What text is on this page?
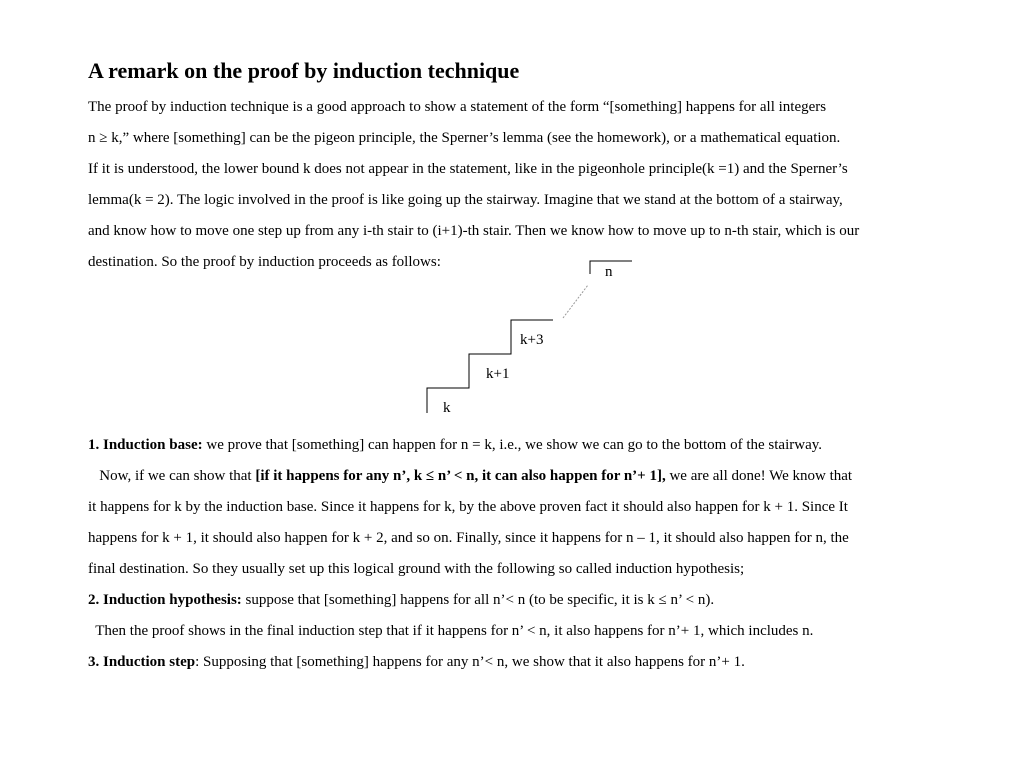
A remark on the proof by induction technique
The proof by induction technique is a good approach to show a statement of the form “[something] happens for all integers
n ≥ k,” where [something] can be the pigeon principle, the Sperner’s lemma (see the homework), or a mathematical equation.
If it is understood, the lower bound k does not appear in the statement, like in the pigeonhole principle(k =1) and the Sperner’s
lemma(k = 2). The logic involved in the proof is like going up the stairway. Imagine that we stand at the bottom of a stairway,
and know how to move one step up from any i-th stair to (i+1)-th stair. Then we know how to move up to n-th stair, which is our
destination. So the proof by induction proceeds as follows:
k
k+1
k+3
n
1. Induction base: we prove that [something] can happen for n = k, i.e., we show we can go to the bottom of the stairway.
Now, if we can show that [if it happens for any n’, k ≤ n’ < n, it can also happen for n’+ 1], we are all done! We know that
it happens for k by the induction base. Since it happens for k, by the above proven fact it should also happen for k + 1. Since It
happens for k + 1, it should also happen for k + 2, and so on. Finally, since it happens for n – 1, it should also happen for n, the
final destination. So they usually set up this logical ground with the following so called induction hypothesis;
2. Induction hypothesis: suppose that [something] happens for all n’< n (to be specific, it is k ≤ n’ < n).
Then the proof shows in the final induction step that if it happens for n’ < n, it also happens for n’+ 1, which includes n.
3. Induction step: Supposing that [something] happens for any n’< n, we show that it also happens for n’+ 1.
